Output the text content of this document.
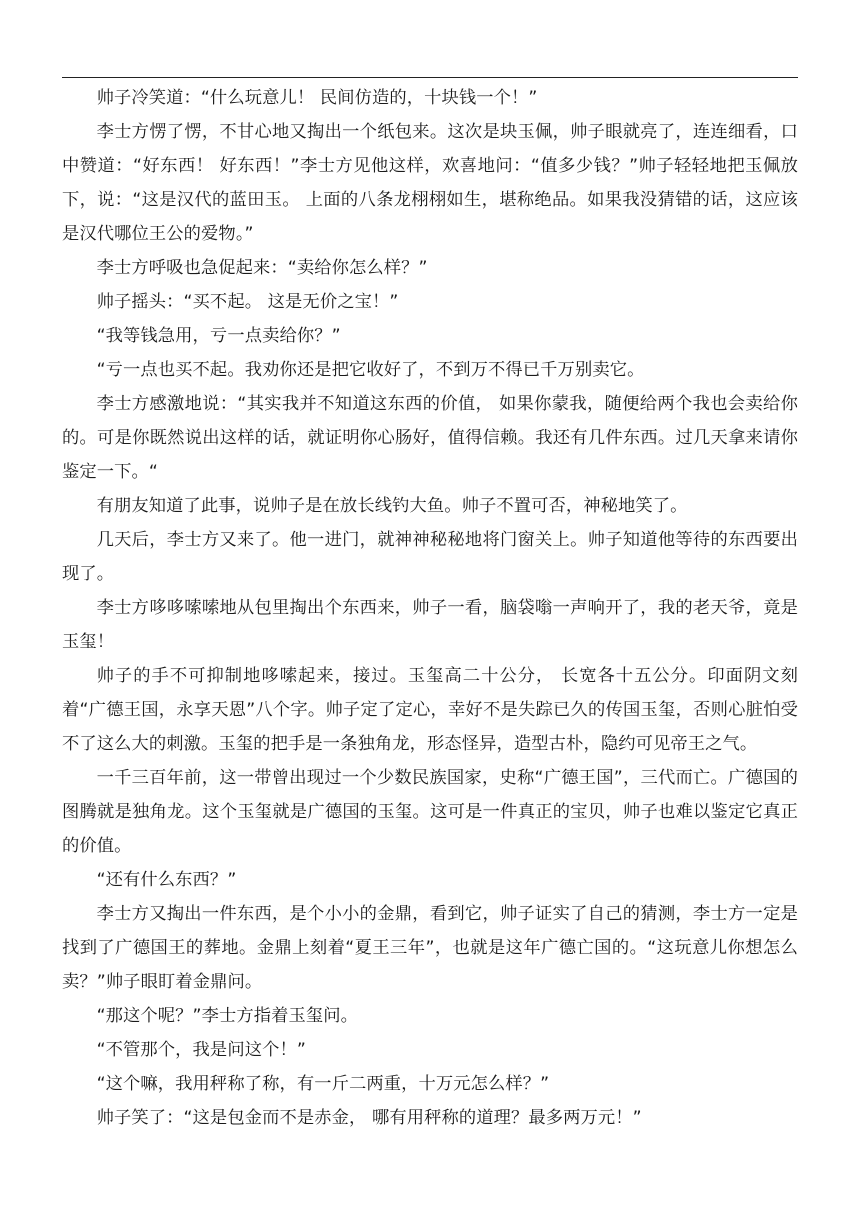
帅子冷笑道：“什么玩意儿！ 民间仿造的，十块钱一个！”

李士方愣了愣，不甘心地又掏出一个纸包来。这次是块玉佩，帅子眼就亮了，连连细看，口中赞道：“好东西！ 好东西！”李士方见他这样，欢喜地问：“值多少钱？”帅子轻轻地把玉佩放下，说：“这是汉代的蓝田玉。 上面的八条龙栩栩如生，堪称绝品。如果我没猜错的话，这应该是汉代哪位王公的爱物。”

李士方呼吸也急促起来：“卖给你怎么样？”

帅子摇头：“买不起。 这是无价之宝！”

“我等钱急用，亏一点卖给你？”

“亏一点也买不起。我劝你还是把它收好了，不到万不得已千万别卖它。

李士方感激地说：“其实我并不知道这东西的价值， 如果你蒙我，随便给两个我也会卖给你的。可是你既然说出这样的话，就证明你心肠好，值得信赖。我还有几件东西。过几天拿来请你鉴定一下。“

有朋友知道了此事，说帅子是在放长线钓大鱼。帅子不置可否，神秘地笑了。

几天后，李士方又来了。他一进门，就神神秘秘地将门窗关上。帅子知道他等待的东西要出现了。

李士方哆哆嗦嗦地从包里掏出个东西来，帅子一看，脑袋嗡一声响开了，我的老天爷，竟是玉玺！

帅子的手不可抑制地哆嗦起来，接过。玉玺高二十公分， 长宽各十五公分。印面阴文刻着“广德王国，永享天恩”八个字。帅子定了定心，幸好不是失踪已久的传国玉玺，否则心脏怕受不了这么大的刺激。玉玺的把手是一条独角龙，形态怪异，造型古朴，隐约可见帝王之气。

一千三百年前，这一带曾出现过一个少数民族国家，史称“广德王国”，三代而亡。广德国的图腾就是独角龙。这个玉玺就是广德国的玉玺。这可是一件真正的宝贝，帅子也难以鉴定它真正的价值。

“还有什么东西？”

李士方又掏出一件东西，是个小小的金鼎，看到它，帅子证实了自己的猜测，李士方一定是找到了广德国王的葬地。金鼎上刻着“夏王三年”，也就是这年广德亡国的。“这玩意儿你想怎么卖？”帅子眼盯着金鼎问。

“那这个呢？”李士方指着玉玺问。

“不管那个，我是问这个！”

“这个嘛，我用秤称了称，有一斤二两重，十万元怎么样？”

帅子笑了：“这是包金而不是赤金， 哪有用秤称的道理？最多两万元！”
